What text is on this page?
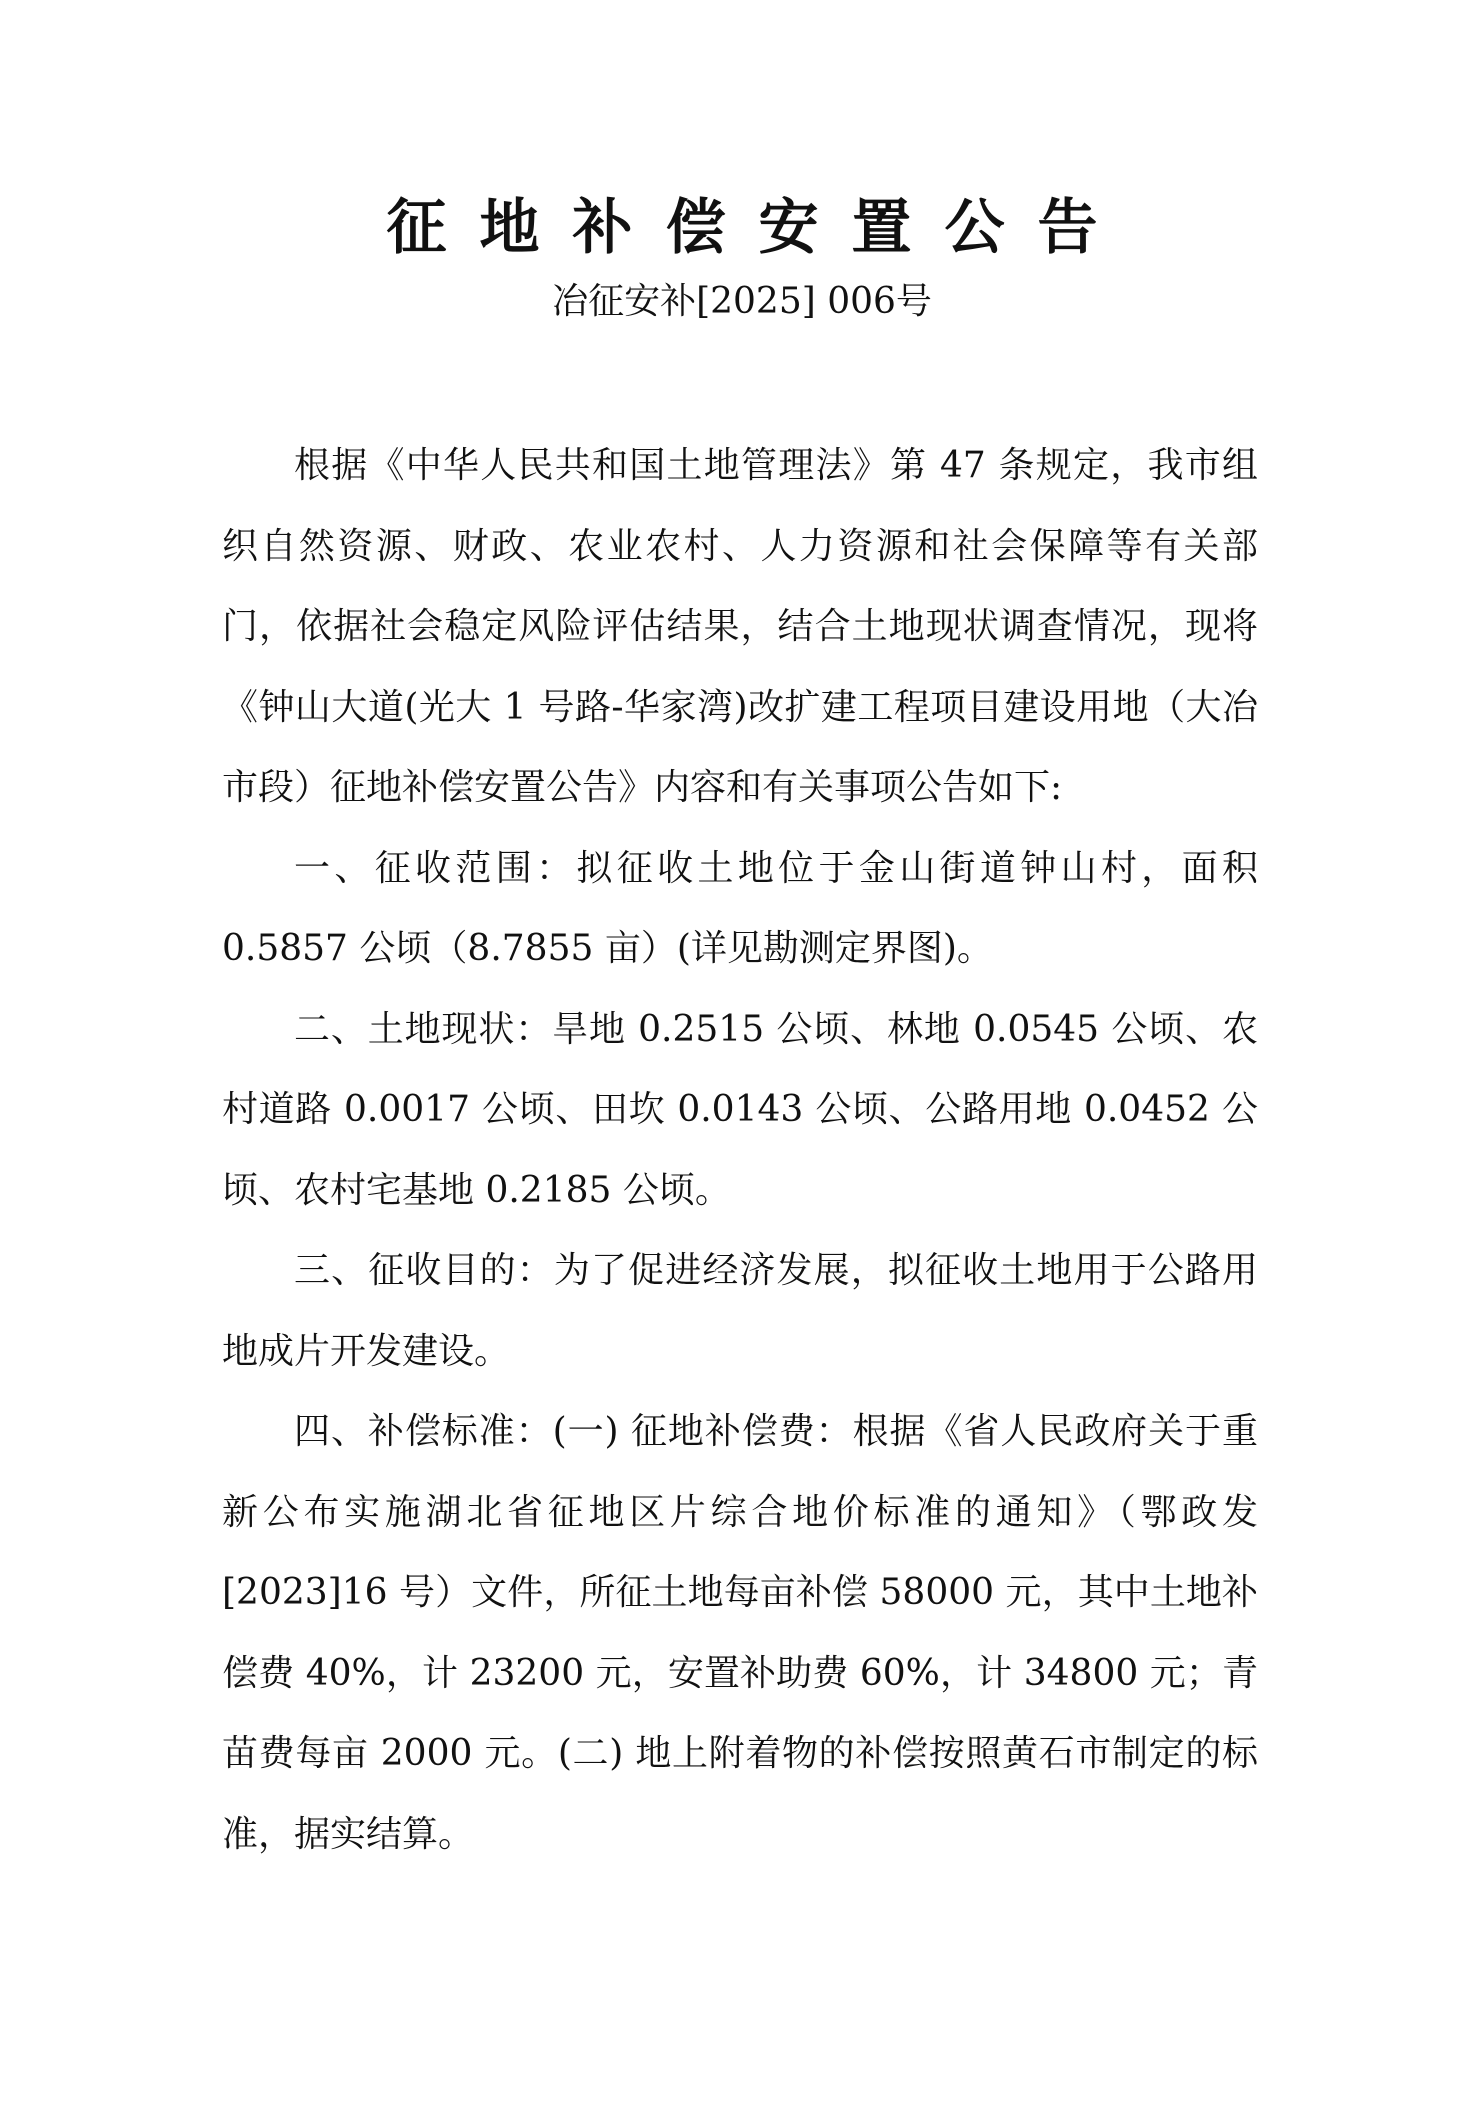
征地补偿安置公告
冶征安补[2025] 006号

根据《中华人民共和国土地管理法》第 47 条规定，我市组织自然资源、财政、农业农村、人力资源和社会保障等有关部门，依据社会稳定风险评估结果，结合土地现状调查情况，现将《钟山大道(光大 1 号路-华家湾)改扩建工程项目建设用地（大冶市段）征地补偿安置公告》内容和有关事项公告如下:

一、征收范围：拟征收土地位于金山街道钟山村，面积 0.5857 公顷（8.7855 亩）(详见勘测定界图)。

二、土地现状：旱地 0.2515 公顷、林地 0.0545 公顷、农村道路 0.0017 公顷、田坎 0.0143 公顷、公路用地 0.0452 公顷、农村宅基地 0.2185 公顷。

三、征收目的：为了促进经济发展，拟征收土地用于公路用地成片开发建设。

四、补偿标准：(一) 征地补偿费：根据《省人民政府关于重新公布实施湖北省征地区片综合地价标准的通知》（鄂政发[2023]16 号）文件，所征土地每亩补偿 58000 元，其中土地补偿费 40%，计 23200 元，安置补助费 60%，计 34800 元；青苗费每亩 2000 元。(二) 地上附着物的补偿按照黄石市制定的标准，据实结算。
